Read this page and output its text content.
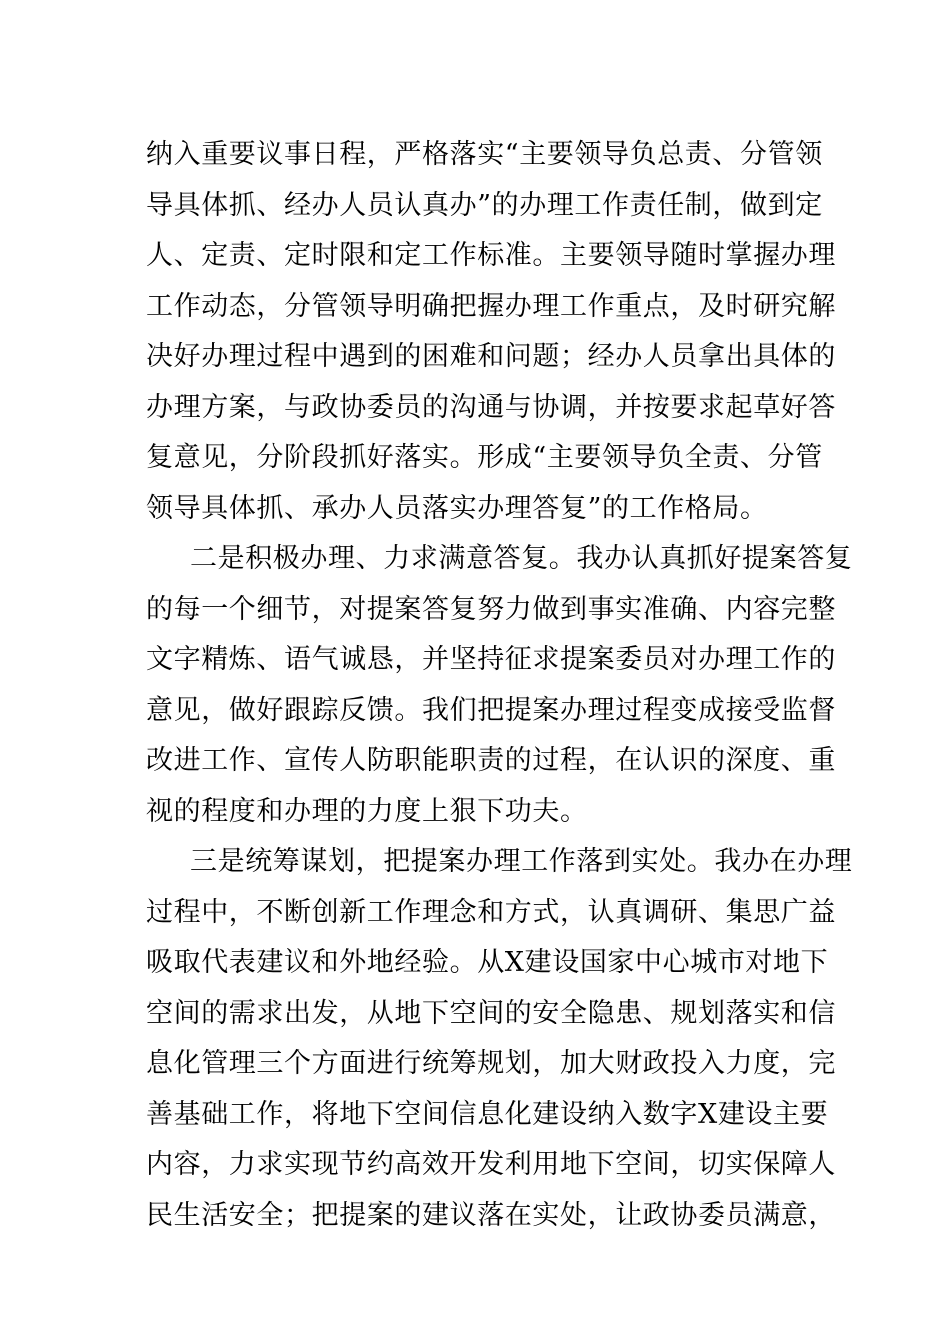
纳入重要议事日程，严格落实“主要领导负总责、分管领
导具体抓、经办人员认真办”的办理工作责任制，做到定
人、定责、定时限和定工作标准。主要领导随时掌握办理
工作动态，分管领导明确把握办理工作重点，及时研究解
决好办理过程中遇到的困难和问题；经办人员拿出具体的
办理方案，与政协委员的沟通与协调，并按要求起草好答
复意见，分阶段抓好落实。形成“主要领导负全责、分管
领导具体抓、承办人员落实办理答复”的工作格局。
二是积极办理、力求满意答复。我办认真抓好提案答复
的每一个细节，对提案答复努力做到事实准确、内容完整
文字精炼、语气诚恳，并坚持征求提案委员对办理工作的
意见，做好跟踪反馈。我们把提案办理过程变成接受监督
改进工作、宣传人防职能职责的过程，在认识的深度、重
视的程度和办理的力度上狠下功夫。
三是统筹谋划，把提案办理工作落到实处。我办在办理
过程中，不断创新工作理念和方式，认真调研、集思广益
吸取代表建议和外地经验。从X建设国家中心城市对地下
空间的需求出发，从地下空间的安全隐患、规划落实和信
息化管理三个方面进行统筹规划，加大财政投入力度，完
善基础工作，将地下空间信息化建设纳入数字X建设主要
内容，力求实现节约高效开发利用地下空间，切实保障人
民生活安全；把提案的建议落在实处，让政协委员满意，
